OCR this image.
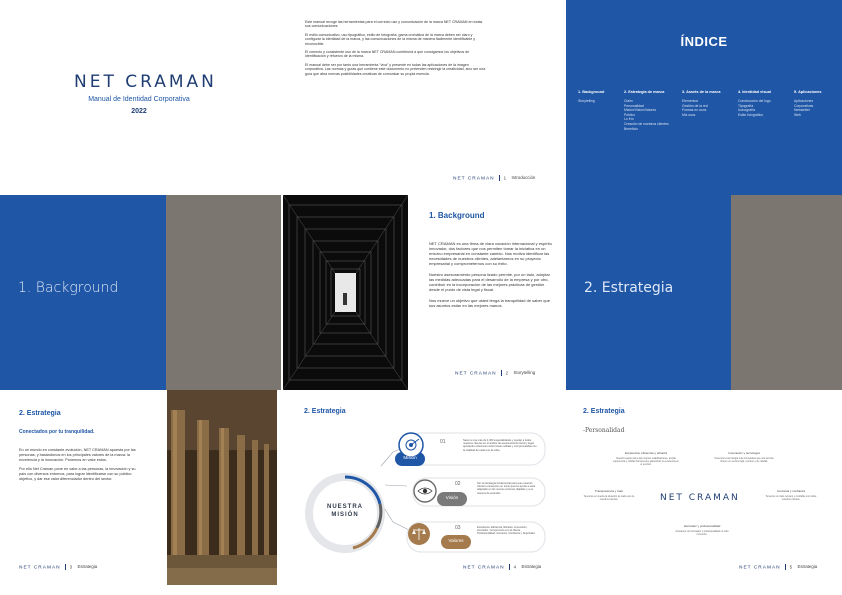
NET CRAMAN
Manual de Identidad Corporativa
2022

Este manual recoge las herramientas para el correcto uso y comunicación de la marca NET CRAMAN en todas sus comunicaciones.

El estilo comunicativo, uso tipográfico, estilo de fotografía, gama cromática de la marca deben ser claro y configurar la identidad de la marca, y las comunicaciones de la misma de manera fácilmente identificable y reconocible.

El correcto y consistente uso de la marca NET CRAMAN contribuirá a que consigamos los objetivos de identificación y refuerzo de la misma.

El manual debe ser por tanto una herramienta "viva" y presente en todas las aplicaciones de la imagen corporativa. Las normas y guías que contiene este documento no pretenden restringir la creatividad, sino ser una guía que abra nuevas posibilidades creativas de comunicar su propia esencia.

NET CRAMAN 1 Introducción
ÍNDICE
1. Background
Storytelling
2. Estrategia de marca
Claim
Personalidad
Misión/Visión/Valores
Público
Lo frío
Creación de nuestros clientes
Beneficio
3. Assets de la marca
Elementos
Gestión de la red
Formas en usos
Mis usos
4. Identidad visual
Construcción del logo
Tipografía
Iconografía
Estilo fotográfico
5. Aplicaciones
Aplicaciones
Corporativas
Newsletter
Web
1. Background
1. Background

NET CRAMAN es una firma de clara vocación internacional y espíritu innovador, dos factores que nos permiten tomar la iniciativa en un entorno empresarial en constante cambio. Nos motiva identificar las necesidades de nuestros clientes, adelantarnos en su proyecto empresarial y comprometernos con su éxito.

Nuestro asesoramiento persona lizado permite, por un lado, adoptar las medidas adecuadas para el desarrollo de la empresa y por otro, contribuir en la incorporación de las mejores prácticas de gestión desde el punto de vista legal y fiscal.

Nos mueve un objetivo que usted tenga la tranquilidad de saber que sus asuntos están en las mejores manos.

NET CRAMAN 2 Storytelling
2. Estrategia
2. Estrategia
Conectados por tu tranquilidad.

En un mundo en constante evolución, NET CRAMAN apuesta por las personas, y basándonos en los principales valores de la marca: la excelencia y la innovación. Ponemos en valor estos.

Por ello Net Craman pone en valor a las personas, la innovación y su país con diversos entornos, para lograr identificarse con su público objetivo, y dar ese valor diferenciador dentro del sector.

NET CRAMAN 3 Estrategia
2. Estrategia
NUESTRA MISIÓN
01
Misión
Sacar a una más de 4.000 especialidades y ayudar a todos nuestros clientes en el ámbito de asesoramiento fiscal y legal aportando soluciones sobre bases sólidas y comprometidas con la realidad de cada uno de ellos.
02
Visión
Ser la estrategia fundamental para que nuestros clientes encuentren un socio que les ayude a estar adaptado en los nuevos entornos digitales y a su manera de entender.
03
Valores
Excelencia, Eficiencia, Eficacia. Innovación, Honradez, Compromiso con el cliente, Profesionalidad, Cercanía, Confianza y Seguridad.
NET CRAMAN 4 Estrategia
2. Estrategia
-Personalidad
NET CRAMAN
Excelencia, eficiencia y eficacia
Nuestro equipo tiene las mejores cualificaciones, amplia experiencia y calidad humana que garantizan la excelencia en el servicio.
Innovación y tecnología
Tenemos la tecnología más innovadora que nos permite ofrecer un servicio ágil, cercano y de calidad.
Transparencia y trato
Tenemos en cuenta la situación de cada uno de nuestros clientes.
Cercanía y confianza
Tenemos un trato cercano y confiable con todos nuestros clientes.
Honradez y profesionalidad
Actuamos con honradez y profesionalidad en todo momento.
NET CRAMAN 5 Estrategia
